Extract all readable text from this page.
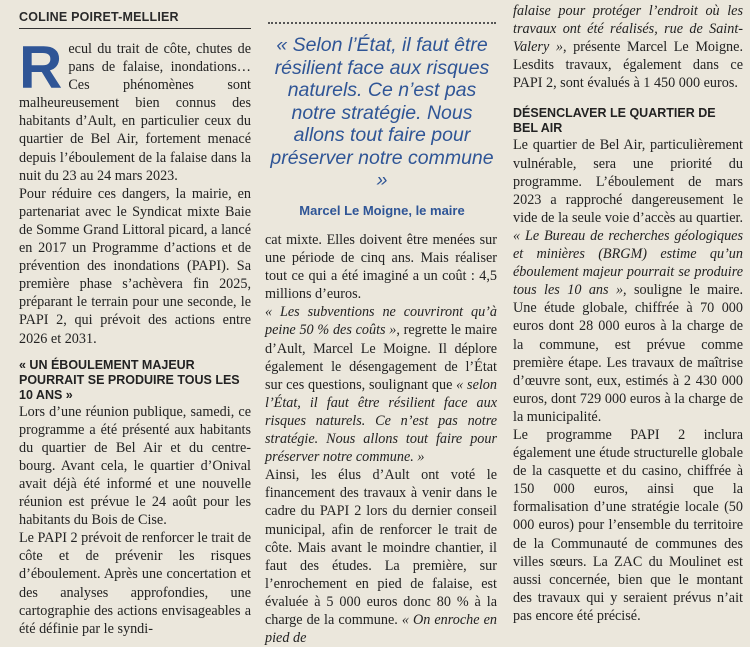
COLINE POIRET-MELLIER

Recul du trait de côte, chutes de pans de falaise, inondations… Ces phénomènes sont malheureusement bien connus des habitants d’Ault, en particulier ceux du quartier de Bel Air, fortement menacé depuis l’éboulement de la falaise dans la nuit du 23 au 24 mars 2023.

Pour réduire ces dangers, la mairie, en partenariat avec le Syndicat mixte Baie de Somme Grand Littoral picard, a lancé en 2017 un Programme d’actions et de prévention des inondations (PAPI). Sa première phase s’achèvera fin 2025, préparant le terrain pour une seconde, le PAPI 2, qui prévoit des actions entre 2026 et 2031.

« UN ÉBOULEMENT MAJEUR POURRAIT SE PRODUIRE TOUS LES 10 ANS »

Lors d’une réunion publique, samedi, ce programme a été présenté aux habitants du quartier de Bel Air et du centre-bourg. Avant cela, le quartier d’Onival avait déjà été informé et une nouvelle réunion est prévue le 24 août pour les habitants du Bois de Cise.

Le PAPI 2 prévoit de renforcer le trait de côte et de prévenir les risques d’éboulement. Après une concertation et des analyses approfondies, une cartographie des actions envisageables a été définie par le syndi-

« Selon l’État, il faut être résilient face aux risques naturels. Ce n’est pas notre stratégie. Nous allons tout faire pour préserver notre commune »

Marcel Le Moigne, le maire

cat mixte. Elles doivent être menées sur une période de cinq ans. Mais réaliser tout ce qui a été imaginé a un coût : 4,5 millions d’euros.

« Les subventions ne couvriront qu’à peine 50 % des coûts », regrette le maire d’Ault, Marcel Le Moigne. Il déplore également le désengagement de l’État sur ces questions, soulignant que « selon l’État, il faut être résilient face aux risques naturels. Ce n’est pas notre stratégie. Nous allons tout faire pour préserver notre commune. »

Ainsi, les élus d’Ault ont voté le financement des travaux à venir dans le cadre du PAPI 2 lors du dernier conseil municipal, afin de renforcer le trait de côte. Mais avant le moindre chantier, il faut des études. La première, sur l’enrochement en pied de falaise, est évaluée à 5 000 euros donc 80 % à la charge de la commune. « On enroche en pied de

falaise pour protéger l’endroit où les travaux ont été réalisés, rue de Saint-Valery », présente Marcel Le Moigne. Lesdits travaux, également dans ce PAPI 2, sont évalués à 1 450 000 euros.

DÉSENCLAVER LE QUARTIER DE BEL AIR

Le quartier de Bel Air, particulièrement vulnérable, sera une priorité du programme. L’éboulement de mars 2023 a rapproché dangereusement le vide de la seule voie d’accès au quartier. « Le Bureau de recherches géologiques et minières (BRGM) estime qu’un éboulement majeur pourrait se produire tous les 10 ans », souligne le maire. Une étude globale, chiffrée à 70 000 euros dont 28 000 euros à la charge de la commune, est prévue comme première étape. Les travaux de maîtrise d’œuvre sont, eux, estimés à 2 430 000 euros, dont 729 000 euros à la charge de la municipalité.

Le programme PAPI 2 inclura également une étude structurelle globale de la casquette et du casino, chiffrée à 150 000 euros, ainsi que la formalisation d’une stratégie locale (50 000 euros) pour l’ensemble du territoire de la Communauté de communes des villes sœurs. La ZAC du Moulinet est aussi concernée, bien que le montant des travaux qui y seraient prévus n’ait pas encore été précisé.
